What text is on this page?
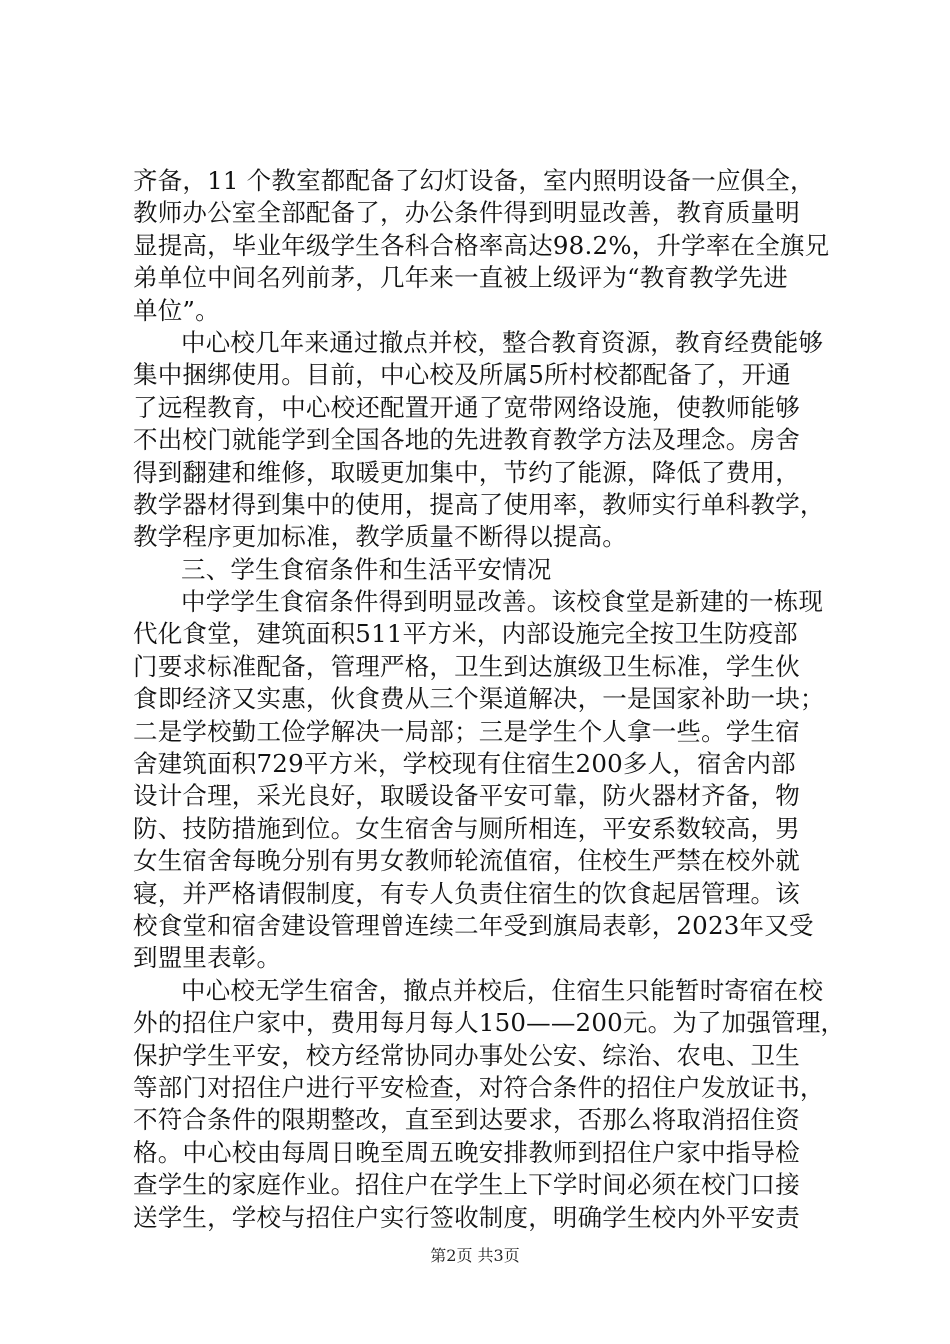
齐备，11 个教室都配备了幻灯设备，室内照明设备一应俱全，
教师办公室全部配备了，办公条件得到明显改善，教育质量明
显提高，毕业年级学生各科合格率高达98.2%，升学率在全旗兄
弟单位中间名列前茅，几年来一直被上级评为“教育教学先进
单位”。
中心校几年来通过撤点并校，整合教育资源，教育经费能够
集中捆绑使用。目前，中心校及所属5所村校都配备了，开通
了远程教育，中心校还配置开通了宽带网络设施，使教师能够
不出校门就能学到全国各地的先进教育教学方法及理念。房舍
得到翻建和维修，取暖更加集中，节约了能源，降低了费用，
教学器材得到集中的使用，提高了使用率，教师实行单科教学，
教学程序更加标准，教学质量不断得以提高。
三、学生食宿条件和生活平安情况
中学学生食宿条件得到明显改善。该校食堂是新建的一栋现
代化食堂，建筑面积511平方米，内部设施完全按卫生防疫部
门要求标准配备，管理严格，卫生到达旗级卫生标准，学生伙
食即经济又实惠，伙食费从三个渠道解决，一是国家补助一块；
二是学校勤工俭学解决一局部；三是学生个人拿一些。学生宿
舍建筑面积729平方米，学校现有住宿生200多人，宿舍内部
设计合理，采光良好，取暖设备平安可靠，防火器材齐备，物
防、技防措施到位。女生宿舍与厕所相连，平安系数较高，男
女生宿舍每晚分别有男女教师轮流值宿，住校生严禁在校外就
寝，并严格请假制度，有专人负责住宿生的饮食起居管理。该
校食堂和宿舍建设管理曾连续二年受到旗局表彰，2023年又受
到盟里表彰。
中心校无学生宿舍，撤点并校后，住宿生只能暂时寄宿在校
外的招住户家中，费用每月每人150——200元。为了加强管理，
保护学生平安，校方经常协同办事处公安、综治、农电、卫生
等部门对招住户进行平安检查，对符合条件的招住户发放证书，
不符合条件的限期整改，直至到达要求，否那么将取消招住资
格。中心校由每周日晚至周五晚安排教师到招住户家中指导检
查学生的家庭作业。招住户在学生上下学时间必须在校门口接
送学生，学校与招住户实行签收制度，明确学生校内外平安责
第2页 共3页
